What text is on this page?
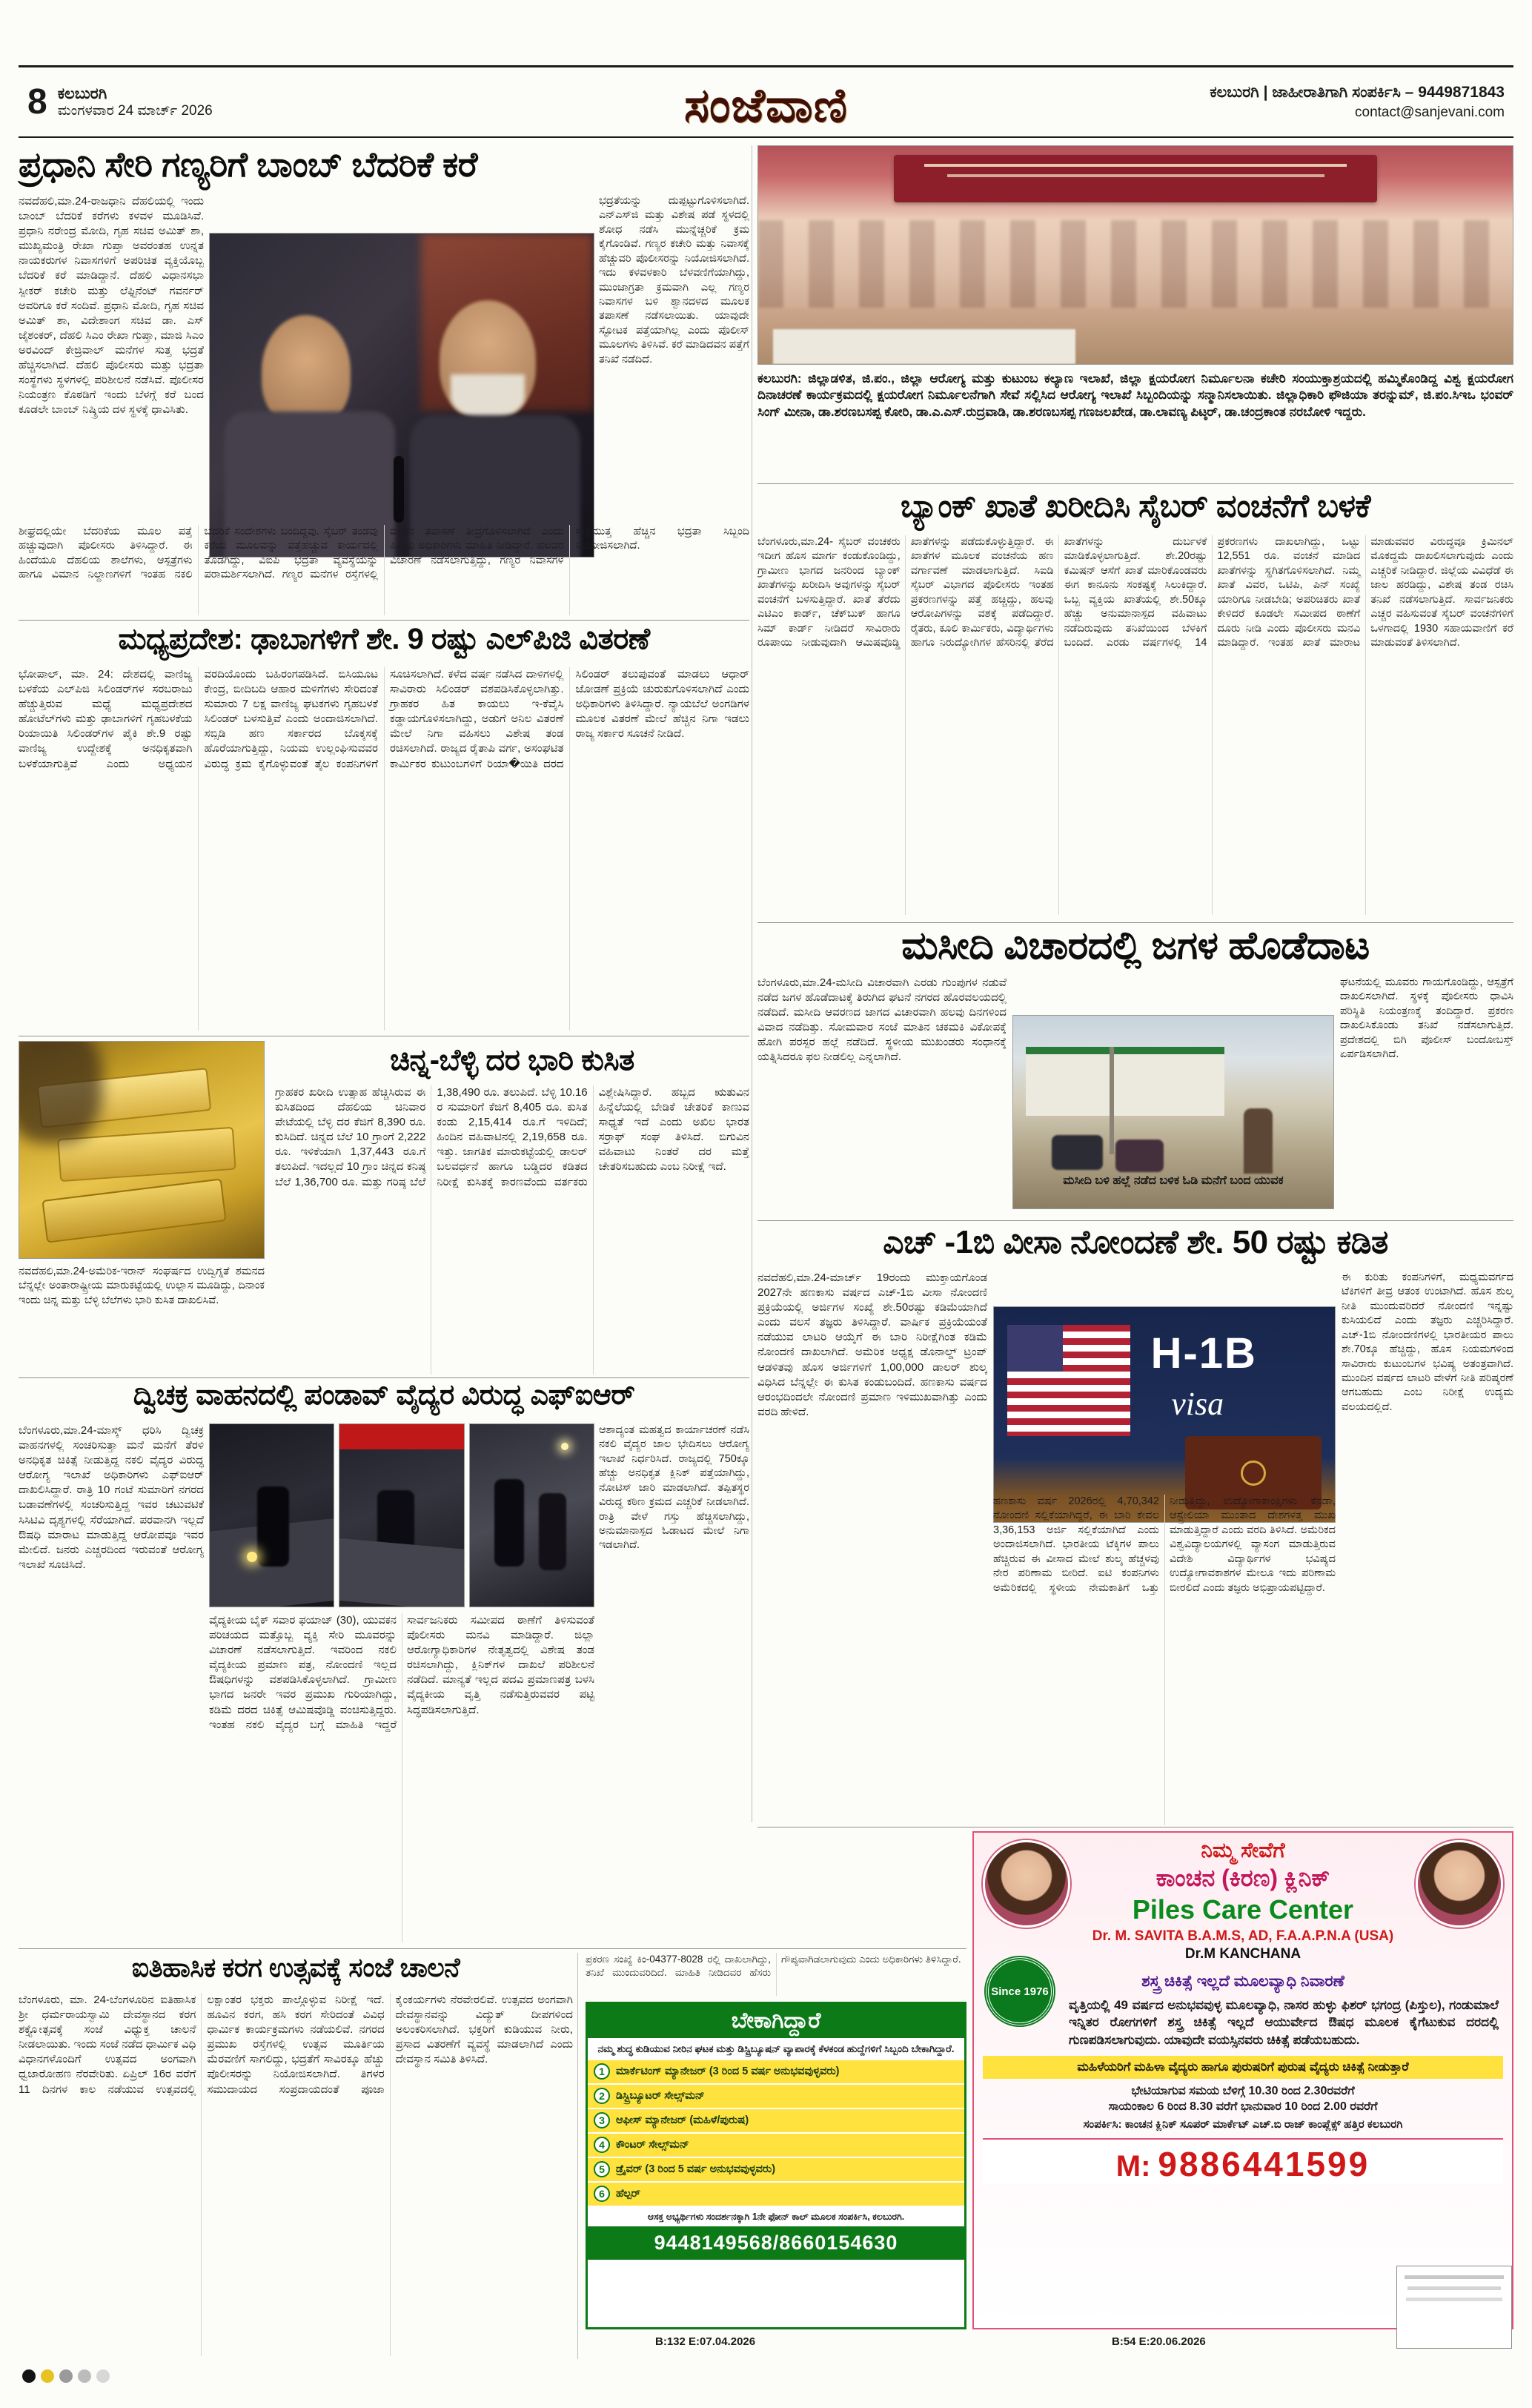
8 ಕಲಬುರಗಿ
ಮಂಗಳವಾರ 24 ಮಾರ್ಚ್ 2026	ಸಂಜೆವಾಣಿ	ಕಲಬುರಗಿ | ಜಾಹೀರಾತಿಗಾಗಿ ಸಂಪರ್ಕಿಸಿ – 9449871843
contact@sanjevani.com
ಪ್ರಧಾನಿ ಸೇರಿ ಗಣ್ಯರಿಗೆ ಬಾಂಬ್ ಬೆದರಿಕೆ ಕರೆ
ನವದೆಹಲಿ,ಮಾ.24-ರಾಜಧಾನಿ ದೆಹಲಿಯಲ್ಲಿ ಇಂದು ಬಾಂಬ್ ಬೆದರಿಕೆ ಕರೆಗಳು ಕಳವಳ ಮೂಡಿಸಿವೆ. ಪ್ರಧಾನಿ ನರೇಂದ್ರ ಮೋದಿ, ಗೃಹ ಸಚಿವ ಅಮಿತ್ ಶಾ, ಮುಖ್ಯಮಂತ್ರಿ ರೇಖಾ ಗುಪ್ತಾ ಅವರಂತಹ ಉನ್ನತ ನಾಯಕರುಗಳ ನಿವಾಸಗಳಿಗೆ ಅಪರಿಚಿತ ವ್ಯಕ್ತಿಯೊಬ್ಬ ಬೆದರಿಕೆ ಕರೆ ಮಾಡಿದ್ದಾನೆ. ದೆಹಲಿ ವಿಧಾನಸಭಾ ಸ್ಪೀಕರ್ ಕಚೇರಿ ಮತ್ತು ಲೆಫ್ಟಿನೆಂಟ್ ಗವರ್ನರ್ ಅವರಿಗೂ ಕರೆ ಸಂದಿವೆ. ಪ್ರಧಾನಿ ಮೋದಿ, ಗೃಹ ಸಚಿವ ಅಮಿತ್ ಶಾ, ವಿದೇಶಾಂಗ ಸಚಿವ ಡಾ. ಎಸ್ ಜೈಶಂಕರ್, ದೆಹಲಿ ಸಿಎಂ ರೇಖಾ ಗುಪ್ತಾ, ಮಾಜಿ ಸಿಎಂ ಅರವಿಂದ್ ಕೇಜ್ರಿವಾಲ್ ಮನೆಗಳ ಸುತ್ತ ಭದ್ರತೆ ಹೆಚ್ಚಿಸಲಾಗಿದೆ. ದೆಹಲಿ ಪೊಲೀಸರು ಮತ್ತು ಭದ್ರತಾ ಸಂಸ್ಥೆಗಳು ಸ್ಥಳಗಳಲ್ಲಿ ಪರಿಶೀಲನೆ ನಡೆಸಿವೆ. ಪೊಲೀಸರ ನಿಯಂತ್ರಣ ಕೊಠಡಿಗೆ ಇಂದು ಬೆಳಗ್ಗೆ ಕರೆ ಬಂದ ಕೂಡಲೇ ಬಾಂಬ್ ನಿಷ್ಕ್ರಿಯ ದಳ ಸ್ಥಳಕ್ಕೆ ಧಾವಿಸಿತು.
ಭದ್ರತೆಯನ್ನು ದುಪ್ಪಟ್ಟುಗೊಳಿಸಲಾಗಿದೆ. ಎನ್‌ಎಸ್‌ಜಿ ಮತ್ತು ವಿಶೇಷ ಪಡೆ ಸ್ಥಳದಲ್ಲಿ ಶೋಧ ನಡೆಸಿ ಮುನ್ನೆಚ್ಚರಿಕೆ ಕ್ರಮ ಕೈಗೊಂಡಿವೆ. ಗಣ್ಯರ ಕಚೇರಿ ಮತ್ತು ನಿವಾಸಕ್ಕೆ ಹೆಚ್ಚುವರಿ ಪೊಲೀಸರನ್ನು ನಿಯೋಜಿಸಲಾಗಿದೆ. ಇದು ಕಳವಳಕಾರಿ ಬೆಳವಣಿಗೆಯಾಗಿದ್ದು, ಮುಂಜಾಗ್ರತಾ ಕ್ರಮವಾಗಿ ಎಲ್ಲ ಗಣ್ಯರ ನಿವಾಸಗಳ ಬಳಿ ಶ್ವಾನದಳದ ಮೂಲಕ ತಪಾಸಣೆ ನಡೆಸಲಾಯಿತು. ಯಾವುದೇ ಸ್ಫೋಟಕ ಪತ್ತೆಯಾಗಿಲ್ಲ ಎಂದು ಪೊಲೀಸ್ ಮೂಲಗಳು ತಿಳಿಸಿವೆ. ಕರೆ ಮಾಡಿದವನ ಪತ್ತೆಗೆ ತನಿಖೆ ನಡೆದಿದೆ.
ಶೀಘ್ರದಲ್ಲಿಯೇ ಬೆದರಿಕೆಯ ಮೂಲ ಪತ್ತೆ ಹಚ್ಚುವುದಾಗಿ ಪೊಲೀಸರು ತಿಳಿಸಿದ್ದಾರೆ. ಈ ಹಿಂದೆಯೂ ದೆಹಲಿಯ ಶಾಲೆಗಳು, ಆಸ್ಪತ್ರೆಗಳು ಹಾಗೂ ವಿಮಾನ ನಿಲ್ದಾಣಗಳಿಗೆ ಇಂತಹ ನಕಲಿ ಬೆದರಿಕೆ ಸಂದೇಶಗಳು ಬಂದಿದ್ದವು. ಸೈಬರ್ ತಂಡವು ಕರೆಯ ಮೂಲವನ್ನು ಪತ್ತೆಹಚ್ಚುವ ಕಾರ್ಯದಲ್ಲಿ ತೊಡಗಿದ್ದು, ವಿಐಪಿ ಭದ್ರತಾ ವ್ಯವಸ್ಥೆಯನ್ನು ಪರಾಮರ್ಶಿಸಲಾಗಿದೆ. ಗಣ್ಯರ ಮನೆಗಳ ರಸ್ತೆಗಳಲ್ಲಿ ವಾಹನ ತಪಾಸಣೆ ತೀವ್ರಗೊಳಿಸಲಾಗಿದೆ ಎಂದು ಹಿರಿಯ ಅಧಿಕಾರಿಗಳು ಮಾಹಿತಿ ನೀಡಿದ್ದಾರೆ. ಹಲವರ ವಿಚಾರಣೆ ನಡೆಸಲಾಗುತ್ತಿದ್ದು, ಗಣ್ಯರ ನಿವಾಸಗಳ ಸುತ್ತಮುತ್ತ ಹೆಚ್ಚಿನ ಭದ್ರತಾ ಸಿಬ್ಬಂದಿ ನಿಯೋಜಿಸಲಾಗಿದೆ.
ಕಲಬುರಗಿ: ಜಿಲ್ಲಾಡಳಿತ, ಜಿ.ಪಂ., ಜಿಲ್ಲಾ ಆರೋಗ್ಯ ಮತ್ತು ಕುಟುಂಬ ಕಲ್ಯಾಣ ಇಲಾಖೆ, ಜಿಲ್ಲಾ ಕ್ಷಯರೋಗ ನಿರ್ಮೂಲನಾ ಕಚೇರಿ ಸಂಯುಕ್ತಾಶ್ರಯದಲ್ಲಿ ಹಮ್ಮಿಕೊಂಡಿದ್ದ ವಿಶ್ವ ಕ್ಷಯರೋಗ ದಿನಾಚರಣೆ ಕಾರ್ಯಕ್ರಮದಲ್ಲಿ ಕ್ಷಯರೋಗ ನಿರ್ಮೂಲನೆಗಾಗಿ ಸೇವೆ ಸಲ್ಲಿಸಿದ ಆರೋಗ್ಯ ಇಲಾಖೆ ಸಿಬ್ಬಂದಿಯನ್ನು ಸನ್ಮಾನಿಸಲಾಯಿತು. ಜಿಲ್ಲಾಧಿಕಾರಿ ಫೌಜಿಯಾ ತರನ್ನುಮ್, ಜಿ.ಪಂ.ಸಿಇಒ ಭಂವರ್ ಸಿಂಗ್ ಮೀನಾ, ಡಾ.ಶರಣಬಸಪ್ಪ ಕೋರಿ, ಡಾ.ಎ.ಎಸ್.ರುದ್ರವಾಡಿ, ಡಾ.ಶರಣಬಸಪ್ಪ ಗಣಜಲಖೇಡ, ಡಾ.ಲಾವಣ್ಯ ಪಿಟ್ಠರ್, ಡಾ.ಚಂದ್ರಕಾಂತ ನರಬೋಳಿ ಇದ್ದರು.
ಬ್ಯಾಂಕ್ ಖಾತೆ ಖರೀದಿಸಿ ಸೈಬರ್ ವಂಚನೆಗೆ ಬಳಕೆ
ಬೆಂಗಳೂರು,ಮಾ.24- ಸೈಬರ್ ವಂಚಕರು ಇದೀಗ ಹೊಸ ಮಾರ್ಗ ಕಂಡುಕೊಂಡಿದ್ದು, ಗ್ರಾಮೀಣ ಭಾಗದ ಜನರಿಂದ ಬ್ಯಾಂಕ್ ಖಾತೆಗಳನ್ನು ಖರೀದಿಸಿ ಅವುಗಳನ್ನು ಸೈಬರ್ ವಂಚನೆಗೆ ಬಳಸುತ್ತಿದ್ದಾರೆ. ಖಾತೆ ತೆರೆದು ಎಟಿಎಂ ಕಾರ್ಡ್, ಚೆಕ್‌ಬುಕ್ ಹಾಗೂ ಸಿಮ್ ಕಾರ್ಡ್ ನೀಡಿದರೆ ಸಾವಿರಾರು ರೂಪಾಯಿ ನೀಡುವುದಾಗಿ ಆಮಿಷವೊಡ್ಡಿ ಖಾತೆಗಳನ್ನು ಪಡೆದುಕೊಳ್ಳುತ್ತಿದ್ದಾರೆ. ಈ ಖಾತೆಗಳ ಮೂಲಕ ವಂಚನೆಯ ಹಣ ವರ್ಗಾವಣೆ ಮಾಡಲಾಗುತ್ತಿದೆ. ಸಿಐಡಿ ಸೈಬರ್ ವಿಭಾಗದ ಪೊಲೀಸರು ಇಂತಹ ಪ್ರಕರಣಗಳನ್ನು ಪತ್ತೆ ಹಚ್ಚಿದ್ದು, ಹಲವು ಆರೋಪಿಗಳನ್ನು ವಶಕ್ಕೆ ಪಡೆದಿದ್ದಾರೆ. ರೈತರು, ಕೂಲಿ ಕಾರ್ಮಿಕರು, ವಿದ್ಯಾರ್ಥಿಗಳು ಹಾಗೂ ನಿರುದ್ಯೋಗಿಗಳ ಹೆಸರಿನಲ್ಲಿ ತೆರೆದ ಖಾತೆಗಳನ್ನು ದುರ್ಬಳಕೆ ಮಾಡಿಕೊಳ್ಳಲಾಗುತ್ತಿದೆ. ಶೇ.20ರಷ್ಟು ಕಮಿಷನ್ ಆಸೆಗೆ ಖಾತೆ ಮಾರಿಕೊಂಡವರು ಈಗ ಕಾನೂನು ಸಂಕಷ್ಟಕ್ಕೆ ಸಿಲುಕಿದ್ದಾರೆ. ಒಬ್ಬ ವ್ಯಕ್ತಿಯ ಖಾತೆಯಲ್ಲಿ ಶೇ.50ಕ್ಕೂ ಹೆಚ್ಚು ಅನುಮಾನಾಸ್ಪದ ವಹಿವಾಟು ನಡೆದಿರುವುದು ತನಿಖೆಯಿಂದ ಬೆಳಕಿಗೆ ಬಂದಿದೆ. ಎರಡು ವರ್ಷಗಳಲ್ಲಿ 14 ಪ್ರಕರಣಗಳು ದಾಖಲಾಗಿದ್ದು, ಒಟ್ಟು 12,551 ರೂ. ವಂಚನೆ ಮಾಡಿದ ಖಾತೆಗಳನ್ನು ಸ್ಥಗಿತಗೊಳಿಸಲಾಗಿದೆ. ನಿಮ್ಮ ಖಾತೆ ವಿವರ, ಒಟಿಪಿ, ಪಿನ್ ಸಂಖ್ಯೆ ಯಾರಿಗೂ ನೀಡಬೇಡಿ; ಅಪರಿಚಿತರು ಖಾತೆ ಕೇಳಿದರೆ ಕೂಡಲೇ ಸಮೀಪದ ಠಾಣೆಗೆ ದೂರು ನೀಡಿ ಎಂದು ಪೊಲೀಸರು ಮನವಿ ಮಾಡಿದ್ದಾರೆ. ಇಂತಹ ಖಾತೆ ಮಾರಾಟ ಮಾಡುವವರ ವಿರುದ್ಧವೂ ಕ್ರಿಮಿನಲ್ ಮೊಕದ್ದಮೆ ದಾಖಲಿಸಲಾಗುವುದು ಎಂದು ಎಚ್ಚರಿಕೆ ನೀಡಿದ್ದಾರೆ. ಜಿಲ್ಲೆಯ ವಿವಿಧೆಡೆ ಈ ಜಾಲ ಹರಡಿದ್ದು, ವಿಶೇಷ ತಂಡ ರಚಿಸಿ ತನಿಖೆ ನಡೆಸಲಾಗುತ್ತಿದೆ. ಸಾರ್ವಜನಿಕರು ಎಚ್ಚರ ವಹಿಸುವಂತೆ ಸೈಬರ್ ವಂಚನೆಗಳಿಗೆ ಒಳಗಾದಲ್ಲಿ 1930 ಸಹಾಯವಾಣಿಗೆ ಕರೆ ಮಾಡುವಂತೆ ತಿಳಿಸಲಾಗಿದೆ.
ಮಧ್ಯಪ್ರದೇಶ: ಢಾಬಾಗಳಿಗೆ ಶೇ. 9 ರಷ್ಟು ಎಲ್‌ಪಿಜಿ ವಿತರಣೆ
ಭೋಪಾಲ್, ಮಾ. 24: ದೇಶದಲ್ಲಿ ವಾಣಿಜ್ಯ ಬಳಕೆಯ ಎಲ್‌ಪಿಜಿ ಸಿಲಿಂಡರ್‌ಗಳ ಸರಬರಾಜು ಹೆಚ್ಚುತ್ತಿರುವ ಮಧ್ಯೆ ಮಧ್ಯಪ್ರದೇಶದ ಹೋಟೆಲ್‌ಗಳು ಮತ್ತು ಢಾಬಾಗಳಿಗೆ ಗೃಹಬಳಕೆಯ ರಿಯಾಯಿತಿ ಸಿಲಿಂಡರ್‌ಗಳ ಪೈಕಿ ಶೇ.9 ರಷ್ಟು ವಾಣಿಜ್ಯ ಉದ್ದೇಶಕ್ಕೆ ಅನಧಿಕೃತವಾಗಿ ಬಳಕೆಯಾಗುತ್ತಿವೆ ಎಂದು ಅಧ್ಯಯನ ವರದಿಯೊಂದು ಬಹಿರಂಗಪಡಿಸಿದೆ. ಬಿಸಿಯೂಟ ಕೇಂದ್ರ, ಬೀದಿಬದಿ ಆಹಾರ ಮಳಿಗೆಗಳು ಸೇರಿದಂತೆ ಸುಮಾರು 7 ಲಕ್ಷ ವಾಣಿಜ್ಯ ಘಟಕಗಳು ಗೃಹಬಳಕೆ ಸಿಲಿಂಡರ್ ಬಳಸುತ್ತಿವೆ ಎಂದು ಅಂದಾಜಿಸಲಾಗಿದೆ. ಸಬ್ಸಿಡಿ ಹಣ ಸರ್ಕಾರದ ಬೊಕ್ಕಸಕ್ಕೆ ಹೊರೆಯಾಗುತ್ತಿದ್ದು, ನಿಯಮ ಉಲ್ಲಂಘಿಸುವವರ ವಿರುದ್ಧ ಕ್ರಮ ಕೈಗೊಳ್ಳುವಂತೆ ತೈಲ ಕಂಪನಿಗಳಿಗೆ ಸೂಚಿಸಲಾಗಿದೆ. ಕಳೆದ ವರ್ಷ ನಡೆಸಿದ ದಾಳಿಗಳಲ್ಲಿ ಸಾವಿರಾರು ಸಿಲಿಂಡರ್ ವಶಪಡಿಸಿಕೊಳ್ಳಲಾಗಿತ್ತು. ಗ್ರಾಹಕರ ಹಿತ ಕಾಯಲು ಇ-ಕೆವೈಸಿ ಕಡ್ಡಾಯಗೊಳಿಸಲಾಗಿದ್ದು, ಅಡುಗೆ ಅನಿಲ ವಿತರಣೆ ಮೇಲೆ ನಿಗಾ ವಹಿಸಲು ವಿಶೇಷ ತಂಡ ರಚಿಸಲಾಗಿದೆ. ರಾಜ್ಯದ ರೈತಾಪಿ ವರ್ಗ, ಅಸಂಘಟಿತ ಕಾರ್ಮಿಕರ ಕುಟುಂಬಗಳಿಗೆ ರಿಯಾ�ಯಿತಿ ದರದ ಸಿಲಿಂಡರ್ ತಲುಪುವಂತೆ ಮಾಡಲು ಆಧಾರ್ ಜೋಡಣೆ ಪ್ರಕ್ರಿಯೆ ಚುರುಕುಗೊಳಿಸಲಾಗಿದೆ ಎಂದು ಅಧಿಕಾರಿಗಳು ತಿಳಿಸಿದ್ದಾರೆ. ನ್ಯಾಯಬೆಲೆ ಅಂಗಡಿಗಳ ಮೂಲಕ ವಿತರಣೆ ಮೇಲೆ ಹೆಚ್ಚಿನ ನಿಗಾ ಇಡಲು ರಾಜ್ಯ ಸರ್ಕಾರ ಸೂಚನೆ ನೀಡಿದೆ.
ನವದೆಹಲಿ,ಮಾ.24-ಅಮೆರಿಕ-ಇರಾನ್ ಸಂಘರ್ಷದ ಉದ್ವಿಗ್ನತೆ ಶಮನದ ಬೆನ್ನಲ್ಲೇ ಅಂತಾರಾಷ್ಟ್ರೀಯ ಮಾರುಕಟ್ಟೆಯಲ್ಲಿ ಉಲ್ಲಾಸ ಮೂಡಿದ್ದು, ದಿನಾಂಕ ಇಂದು ಚಿನ್ನ ಮತ್ತು ಬೆಳ್ಳಿ ಬೆಲೆಗಳು ಭಾರಿ ಕುಸಿತ ದಾಖಲಿಸಿವೆ.
ಚಿನ್ನ-ಬೆಳ್ಳಿ ದರ ಭಾರಿ ಕುಸಿತ
ಗ್ರಾಹಕರ ಖರೀದಿ ಉತ್ಸಾಹ ಹೆಚ್ಚಿಸಿರುವ ಈ ಕುಸಿತದಿಂದ ದೆಹಲಿಯ ಚಿನಿವಾರ ಪೇಟೆಯಲ್ಲಿ ಬೆಳ್ಳಿ ದರ ಕೆಜಿಗೆ 8,390 ರೂ. ಕುಸಿದಿದೆ. ಚಿನ್ನದ ಬೆಲೆ 10 ಗ್ರಾಂಗೆ 2,222 ರೂ. ಇಳಿಕೆಯಾಗಿ 1,37,443 ರೂ.ಗೆ ತಲುಪಿದೆ. ಇದಲ್ಲದೆ 10 ಗ್ರಾಂ ಚಿನ್ನದ ಕನಿಷ್ಠ ಬೆಲೆ 1,36,700 ರೂ. ಮತ್ತು ಗರಿಷ್ಠ ಬೆಲೆ 1,38,490 ರೂ. ತಲುಪಿದೆ. ಬೆಳ್ಳಿ 10.16 ರ ಸುಮಾರಿಗೆ ಕೆಜಿಗೆ 8,405 ರೂ. ಕುಸಿತ ಕಂಡು 2,15,414 ರೂ.ಗೆ ಇಳಿದಿದೆ; ಹಿಂದಿನ ವಹಿವಾಟಿನಲ್ಲಿ 2,19,658 ರೂ. ಇತ್ತು. ಜಾಗತಿಕ ಮಾರುಕಟ್ಟೆಯಲ್ಲಿ ಡಾಲರ್ ಬಲವರ್ಧನೆ ಹಾಗೂ ಬಡ್ಡಿದರ ಕಡಿತದ ನಿರೀಕ್ಷೆ ಕುಸಿತಕ್ಕೆ ಕಾರಣವೆಂದು ವರ್ತಕರು ವಿಶ್ಲೇಷಿಸಿದ್ದಾರೆ. ಹಬ್ಬದ ಋತುವಿನ ಹಿನ್ನೆಲೆಯಲ್ಲಿ ಬೇಡಿಕೆ ಚೇತರಿಕೆ ಕಾಣುವ ಸಾಧ್ಯತೆ ಇದೆ ಎಂದು ಅಖಿಲ ಭಾರತ ಸರ್ರಾಫ್ ಸಂಘ ತಿಳಿಸಿದೆ. ಬಿಗುವಿನ ವಹಿವಾಟು ನಿಂತರೆ ದರ ಮತ್ತೆ ಚೇತರಿಸಬಹುದು ಎಂಬ ನಿರೀಕ್ಷೆ ಇದೆ.
ಮಸೀದಿ ವಿಚಾರದಲ್ಲಿ ಜಗಳ ಹೊಡೆದಾಟ
ಬೆಂಗಳೂರು,ಮಾ.24-ಮಸೀದಿ ವಿಚಾರವಾಗಿ ಎರಡು ಗುಂಪುಗಳ ನಡುವೆ ನಡೆದ ಜಗಳ ಹೊಡೆದಾಟಕ್ಕೆ ತಿರುಗಿದ ಘಟನೆ ನಗರದ ಹೊರವಲಯದಲ್ಲಿ ನಡೆದಿದೆ. ಮಸೀದಿ ಆವರಣದ ಜಾಗದ ವಿಚಾರವಾಗಿ ಹಲವು ದಿನಗಳಿಂದ ವಿವಾದ ನಡೆದಿತ್ತು. ಸೋಮವಾರ ಸಂಜೆ ಮಾತಿನ ಚಕಮಕಿ ವಿಕೋಪಕ್ಕೆ ಹೋಗಿ ಪರಸ್ಪರ ಹಲ್ಲೆ ನಡೆದಿದೆ. ಸ್ಥಳೀಯ ಮುಖಂಡರು ಸಂಧಾನಕ್ಕೆ ಯತ್ನಿಸಿದರೂ ಫಲ ನೀಡಲಿಲ್ಲ ಎನ್ನಲಾಗಿದೆ.
ಮಸೀದಿ ಬಳಿ ಹಲ್ಲೆ ನಡೆದ ಬಳಿಕ ಓಡಿ ಮನೆಗೆ ಬಂದ ಯುವಕ
ಘಟನೆಯಲ್ಲಿ ಮೂವರು ಗಾಯಗೊಂಡಿದ್ದು, ಆಸ್ಪತ್ರೆಗೆ ದಾಖಲಿಸಲಾಗಿದೆ. ಸ್ಥಳಕ್ಕೆ ಪೊಲೀಸರು ಧಾವಿಸಿ ಪರಿಸ್ಥಿತಿ ನಿಯಂತ್ರಣಕ್ಕೆ ತಂದಿದ್ದಾರೆ. ಪ್ರಕರಣ ದಾಖಲಿಸಿಕೊಂಡು ತನಿಖೆ ನಡೆಸಲಾಗುತ್ತಿದೆ. ಪ್ರದೇಶದಲ್ಲಿ ಬಿಗಿ ಪೊಲೀಸ್ ಬಂದೋಬಸ್ತ್ ಏರ್ಪಡಿಸಲಾಗಿದೆ.
ಎಚ್ -1ಬಿ ವೀಸಾ ನೋಂದಣೆ ಶೇ. 50 ರಷ್ಟು ಕಡಿತ
ನವದೆಹಲಿ,ಮಾ.24-ಮಾರ್ಚ್ 19ರಂದು ಮುಕ್ತಾಯಗೊಂಡ 2027ನೇ ಹಣಕಾಸು ವರ್ಷದ ಎಚ್-1ಬಿ ವೀಸಾ ನೋಂದಣಿ ಪ್ರಕ್ರಿಯೆಯಲ್ಲಿ ಅರ್ಜಿಗಳ ಸಂಖ್ಯೆ ಶೇ.50ರಷ್ಟು ಕಡಿಮೆಯಾಗಿದೆ ಎಂದು ವಲಸೆ ತಜ್ಞರು ತಿಳಿಸಿದ್ದಾರೆ. ವಾರ್ಷಿಕ ಪ್ರಕ್ರಿಯೆಯಂತೆ ನಡೆಯುವ ಲಾಟರಿ ಆಯ್ಕೆಗೆ ಈ ಬಾರಿ ನಿರೀಕ್ಷೆಗಿಂತ ಕಡಿಮೆ ನೋಂದಣಿ ದಾಖಲಾಗಿದೆ. ಅಮೆರಿಕ ಅಧ್ಯಕ್ಷ ಡೊನಾಲ್ಡ್ ಟ್ರಂಪ್ ಆಡಳಿತವು ಹೊಸ ಅರ್ಜಿಗಳಿಗೆ 1,00,000 ಡಾಲರ್ ಶುಲ್ಕ ವಿಧಿಸಿದ ಬೆನ್ನಲ್ಲೇ ಈ ಕುಸಿತ ಕಂಡುಬಂದಿದೆ. ಹಣಕಾಸು ವರ್ಷದ ಆರಂಭದಿಂದಲೇ ನೋಂದಣಿ ಪ್ರಮಾಣ ಇಳಿಮುಖವಾಗಿತ್ತು ಎಂದು ವರದಿ ಹೇಳಿದೆ.
H-1B
visa
ಹಣಕಾಸು ವರ್ಷ 2026ರಲ್ಲಿ 4,70,342 ನೋಂದಣಿ ಸಲ್ಲಿಕೆಯಾಗಿದ್ದರೆ, ಈ ಬಾರಿ ಕೇವಲ 3,36,153 ಅರ್ಜಿ ಸಲ್ಲಿಕೆಯಾಗಿದೆ ಎಂದು ಅಂದಾಜಿಸಲಾಗಿದೆ. ಭಾರತೀಯ ಟೆಕ್ಕಿಗಳ ಪಾಲು ಹೆಚ್ಚಿರುವ ಈ ವೀಸಾದ ಮೇಲೆ ಶುಲ್ಕ ಹೆಚ್ಚಳವು ನೇರ ಪರಿಣಾಮ ಬೀರಿದೆ. ಐಟಿ ಕಂಪನಿಗಳು ಅಮೆರಿಕದಲ್ಲಿ ಸ್ಥಳೀಯ ನೇಮಕಾತಿಗೆ ಒತ್ತು ನೀಡುತ್ತಿದ್ದು, ಉದ್ಯೋಗಾಕಾಂಕ್ಷಿಗಳು ಕೆನಡಾ, ಆಸ್ಟ್ರೇಲಿಯಾ ಮುಂತಾದ ದೇಶಗಳತ್ತ ಮುಖ ಮಾಡುತ್ತಿದ್ದಾರೆ ಎಂದು ವರದಿ ತಿಳಿಸಿದೆ. ಅಮೆರಿಕದ ವಿಶ್ವವಿದ್ಯಾಲಯಗಳಲ್ಲಿ ವ್ಯಾಸಂಗ ಮಾಡುತ್ತಿರುವ ವಿದೇಶಿ ವಿದ್ಯಾರ್ಥಿಗಳ ಭವಿಷ್ಯದ ಉದ್ಯೋಗಾವಕಾಶಗಳ ಮೇಲೂ ಇದು ಪರಿಣಾಮ ಬೀರಲಿದೆ ಎಂದು ತಜ್ಞರು ಅಭಿಪ್ರಾಯಪಟ್ಟಿದ್ದಾರೆ.
ಈ ಕುರಿತು ಕಂಪನಿಗಳಿಗೆ, ಮಧ್ಯಮವರ್ಗದ ಟೆಕಿಗಳಿಗೆ ತೀವ್ರ ಆತಂಕ ಉಂಟಾಗಿದೆ. ಹೊಸ ಶುಲ್ಕ ನೀತಿ ಮುಂದುವರಿದರೆ ನೋಂದಣಿ ಇನ್ನಷ್ಟು ಕುಸಿಯಲಿದೆ ಎಂದು ತಜ್ಞರು ಎಚ್ಚರಿಸಿದ್ದಾರೆ. ಎಚ್-1ಬಿ ನೋಂದಣಿಗಳಲ್ಲಿ ಭಾರತೀಯರ ಪಾಲು ಶೇ.70ಕ್ಕೂ ಹೆಚ್ಚಿದ್ದು, ಹೊಸ ನಿಯಮಗಳಿಂದ ಸಾವಿರಾರು ಕುಟುಂಬಗಳ ಭವಿಷ್ಯ ಅತಂತ್ರವಾಗಿದೆ. ಮುಂದಿನ ವರ್ಷದ ಲಾಟರಿ ವೇಳೆಗೆ ನೀತಿ ಪರಿಷ್ಕರಣೆ ಆಗಬಹುದು ಎಂಬ ನಿರೀಕ್ಷೆ ಉದ್ಯಮ ವಲಯದಲ್ಲಿದೆ.
ದ್ವಿಚಕ್ರ ವಾಹನದಲ್ಲಿ ಪಂಡಾವ್ ವೈದ್ಯರ ವಿರುದ್ಧ ಎಫ್‌ಐಆರ್
ಬೆಂಗಳೂರು,ಮಾ.24-ಮಾಸ್ಕ್ ಧರಿಸಿ ದ್ವಿಚಕ್ರ ವಾಹನಗಳಲ್ಲಿ ಸಂಚರಿಸುತ್ತಾ ಮನೆ ಮನೆಗೆ ತೆರಳಿ ಅನಧಿಕೃತ ಚಿಕಿತ್ಸೆ ನೀಡುತ್ತಿದ್ದ ನಕಲಿ ವೈದ್ಯರ ವಿರುದ್ಧ ಆರೋಗ್ಯ ಇಲಾಖೆ ಅಧಿಕಾರಿಗಳು ಎಫ್‌ಐಆರ್ ದಾಖಲಿಸಿದ್ದಾರೆ. ರಾತ್ರಿ 10 ಗಂಟೆ ಸುಮಾರಿಗೆ ನಗರದ ಬಡಾವಣೆಗಳಲ್ಲಿ ಸಂಚರಿಸುತ್ತಿದ್ದ ಇವರ ಚಟುವಟಿಕೆ ಸಿಸಿಟಿವಿ ದೃಶ್ಯಗಳಲ್ಲಿ ಸೆರೆಯಾಗಿದೆ. ಪರವಾನಗಿ ಇಲ್ಲದೆ ಔಷಧಿ ಮಾರಾಟ ಮಾಡುತ್ತಿದ್ದ ಆರೋಪವೂ ಇವರ ಮೇಲಿದೆ. ಜನರು ಎಚ್ಚರದಿಂದ ಇರುವಂತೆ ಆರೋಗ್ಯ ಇಲಾಖೆ ಸೂಚಿಸಿದೆ.
ವೈದ್ಯಕೀಯ ಬೈಕ್ ಸವಾರ ಫಯಾಜ್ (30), ಯುವಕನ ಪರಿಚಯದ ಮತ್ತೊಬ್ಬ ವ್ಯಕ್ತಿ ಸೇರಿ ಮೂವರನ್ನು ವಿಚಾರಣೆ ನಡೆಸಲಾಗುತ್ತಿದೆ. ಇವರಿಂದ ನಕಲಿ ವೈದ್ಯಕೀಯ ಪ್ರಮಾಣ ಪತ್ರ, ನೋಂದಣಿ ಇಲ್ಲದ ಔಷಧಿಗಳನ್ನು ವಶಪಡಿಸಿಕೊಳ್ಳಲಾಗಿದೆ. ಗ್ರಾಮೀಣ ಭಾಗದ ಜನರೇ ಇವರ ಪ್ರಮುಖ ಗುರಿಯಾಗಿದ್ದು, ಕಡಿಮೆ ದರದ ಚಿಕಿತ್ಸೆ ಆಮಿಷವೊಡ್ಡಿ ವಂಚಿಸುತ್ತಿದ್ದರು. ಇಂತಹ ನಕಲಿ ವೈದ್ಯರ ಬಗ್ಗೆ ಮಾಹಿತಿ ಇದ್ದರೆ ಸಾರ್ವಜನಿಕರು ಸಮೀಪದ ಠಾಣೆಗೆ ತಿಳಿಸುವಂತೆ ಪೊಲೀಸರು ಮನವಿ ಮಾಡಿದ್ದಾರೆ. ಜಿಲ್ಲಾ ಆರೋಗ್ಯಾಧಿಕಾರಿಗಳ ನೇತೃತ್ವದಲ್ಲಿ ವಿಶೇಷ ತಂಡ ರಚಿಸಲಾಗಿದ್ದು, ಕ್ಲಿನಿಕ್‌ಗಳ ದಾಖಲೆ ಪರಿಶೀಲನೆ ನಡೆದಿದೆ. ಮಾನ್ಯತೆ ಇಲ್ಲದ ಪದವಿ ಪ್ರಮಾಣಪತ್ರ ಬಳಸಿ ವೈದ್ಯಕೀಯ ವೃತ್ತಿ ನಡೆಸುತ್ತಿರುವವರ ಪಟ್ಟಿ ಸಿದ್ಧಪಡಿಸಲಾಗುತ್ತಿದೆ.
ಆಶಾದ್ಯಂತ ಮಹತ್ವದ ಕಾರ್ಯಾಚರಣೆ ನಡೆಸಿ ನಕಲಿ ವೈದ್ಯರ ಜಾಲ ಭೇದಿಸಲು ಆರೋಗ್ಯ ಇಲಾಖೆ ನಿರ್ಧರಿಸಿದೆ. ರಾಜ್ಯದಲ್ಲಿ 750ಕ್ಕೂ ಹೆಚ್ಚು ಅನಧಿಕೃತ ಕ್ಲಿನಿಕ್ ಪತ್ತೆಯಾಗಿದ್ದು, ನೋಟಿಸ್ ಜಾರಿ ಮಾಡಲಾಗಿದೆ. ತಪ್ಪಿತಸ್ಥರ ವಿರುದ್ಧ ಕಠಿಣ ಕ್ರಮದ ಎಚ್ಚರಿಕೆ ನೀಡಲಾಗಿದೆ. ರಾತ್ರಿ ವೇಳೆ ಗಸ್ತು ಹೆಚ್ಚಿಸಲಾಗಿದ್ದು, ಅನುಮಾನಾಸ್ಪದ ಓಡಾಟದ ಮೇಲೆ ನಿಗಾ ಇಡಲಾಗಿದೆ.
ಐತಿಹಾಸಿಕ ಕರಗ ಉತ್ಸವಕ್ಕೆ ಸಂಜೆ ಚಾಲನೆ
ಬೆಂಗಳೂರು, ಮಾ. 24-ಬೆಂಗಳೂರಿನ ಐತಿಹಾಸಿಕ ಶ್ರೀ ಧರ್ಮರಾಯಸ್ವಾಮಿ ದೇವಸ್ಥಾನದ ಕರಗ ಶಕ್ತ್ಯೋತ್ಸವಕ್ಕೆ ಸಂಜೆ ವಿಧ್ಯುಕ್ತ ಚಾಲನೆ ನೀಡಲಾಯಿತು. ಇಂದು ಸಂಜೆ ನಡೆದ ಧಾರ್ಮಿಕ ವಿಧಿ ವಿಧಾನಗಳೊಂದಿಗೆ ಉತ್ಸವದ ಅಂಗವಾಗಿ ಧ್ವಜಾರೋಹಣ ನೆರವೇರಿತು. ಏಪ್ರಿಲ್ 16ರ ವರೆಗೆ 11 ದಿನಗಳ ಕಾಲ ನಡೆಯುವ ಉತ್ಸವದಲ್ಲಿ ಲಕ್ಷಾಂತರ ಭಕ್ತರು ಪಾಲ್ಗೊಳ್ಳುವ ನಿರೀಕ್ಷೆ ಇದೆ. ಹೂವಿನ ಕರಗ, ಹಸಿ ಕರಗ ಸೇರಿದಂತೆ ವಿವಿಧ ಧಾರ್ಮಿಕ ಕಾರ್ಯಕ್ರಮಗಳು ನಡೆಯಲಿವೆ. ನಗರದ ಪ್ರಮುಖ ರಸ್ತೆಗಳಲ್ಲಿ ಉತ್ಸವ ಮೂರ್ತಿಯ ಮೆರವಣಿಗೆ ಸಾಗಲಿದ್ದು, ಭದ್ರತೆಗೆ ಸಾವಿರಕ್ಕೂ ಹೆಚ್ಚು ಪೊಲೀಸರನ್ನು ನಿಯೋಜಿಸಲಾಗಿದೆ. ತಿಗಳರ ಸಮುದಾಯದ ಸಂಪ್ರದಾಯದಂತೆ ಪೂಜಾ ಕೈಂಕರ್ಯಗಳು ನೆರವೇರಲಿವೆ. ಉತ್ಸವದ ಅಂಗವಾಗಿ ದೇವಸ್ಥಾನವನ್ನು ವಿದ್ಯುತ್ ದೀಪಗಳಿಂದ ಅಲಂಕರಿಸಲಾಗಿದೆ. ಭಕ್ತರಿಗೆ ಕುಡಿಯುವ ನೀರು, ಪ್ರಸಾದ ವಿತರಣೆಗೆ ವ್ಯವಸ್ಥೆ ಮಾಡಲಾಗಿದೆ ಎಂದು ದೇವಸ್ಥಾನ ಸಮಿತಿ ತಿಳಿಸಿದೆ.
ಪ್ರಕರಣ ಸಂಖ್ಯೆ ಕಿಂ-04377-8028 ರಲ್ಲಿ ದಾಖಲಾಗಿದ್ದು, ತನಿಖೆ ಮುಂದುವರಿದಿದೆ. ಮಾಹಿತಿ ನೀಡಿದವರ ಹೆಸರು ಗೌಪ್ಯವಾಗಿಡಲಾಗುವುದು ಎಂದು ಅಧಿಕಾರಿಗಳು ತಿಳಿಸಿದ್ದಾರೆ.
ಬೇಕಾಗಿದ್ದಾರೆ
ನಮ್ಮ ಶುದ್ಧ ಕುಡಿಯುವ ನೀರಿನ ಘಟಕ ಮತ್ತು ಡಿಸ್ಟ್ರಿಬ್ಯೂಷನ್ ವ್ಯಾಪಾರಕ್ಕೆ ಕೆಳಕಂಡ ಹುದ್ದೆಗಳಿಗೆ ಸಿಬ್ಬಂದಿ ಬೇಕಾಗಿದ್ದಾರೆ.
1	ಮಾರ್ಕೆಟಿಂಗ್ ಮ್ಯಾನೇಜರ್ (3 ರಿಂದ 5 ವರ್ಷ ಅನುಭವವುಳ್ಳವರು)
2	ಡಿಸ್ಟ್ರಿಬ್ಯೂಟರ್ ಸೇಲ್ಸ್‌ಮನ್
3	ಆಫೀಸ್ ಮ್ಯಾನೇಜರ್ (ಮಹಿಳೆ/ಪುರುಷ)
4	ಕೌಂಟರ್ ಸೇಲ್ಸ್‌ಮನ್
5	ಡ್ರೈವರ್ (3 ರಿಂದ 5 ವರ್ಷ ಅನುಭವವುಳ್ಳವರು)
6	ಹೆಲ್ಪರ್
ಆಸಕ್ತ ಅಭ್ಯರ್ಥಿಗಳು ಸಂದರ್ಶನಕ್ಕಾಗಿ 1ನೇ ಫೋನ್ ಕಾಲ್ ಮೂಲಕ ಸಂಪರ್ಕಿಸಿ, ಕಲಬುರಗಿ.
9448149568/8660154630
B:132 E:07.04.2026
ನಿಮ್ಮ ಸೇವೆಗೆ
ಕಾಂಚನ (ಕಿರಣ) ಕ್ಲಿನಿಕ್
Piles Care Center
Dr. M. SAVITA B.A.M.S, AD, F.A.A.P.N.A (USA)
Dr.M KANCHANA
Since 1976
ಶಸ್ತ್ರ ಚಿಕಿತ್ಸೆ ಇಲ್ಲದೆ ಮೂಲವ್ಯಾಧಿ ನಿವಾರಣೆ
ವೃತ್ತಿಯಲ್ಲಿ 49 ವರ್ಷದ ಅನುಭವವುಳ್ಳ ಮೂಲವ್ಯಾಧಿ, ನಾಸರ ಹುಳ್ಳು ಫಿಶರ್ ಭಗಂದ್ರ (ಪಿಸ್ತುಲ), ಗಂಡುಮಾಲೆ ಇನ್ನಿತರ ರೋಗಗಳಿಗೆ ಶಸ್ತ್ರ ಚಿಕಿತ್ಸೆ ಇಲ್ಲದೆ ಆಯುರ್ವೇದ ಔಷಧ ಮೂಲಕ ಕೈಗೆಟುಕುವ ದರದಲ್ಲಿ ಗುಣಪಡಿಸಲಾಗುವುದು. ಯಾವುದೇ ವಯಸ್ಸಿನವರು ಚಿಕಿತ್ಸೆ ಪಡೆಯಬಹುದು.
ಮಹಿಳೆಯರಿಗೆ ಮಹಿಳಾ ವೈದ್ಯರು ಹಾಗೂ ಪುರುಷರಿಗೆ ಪುರುಷ ವೈದ್ಯರು ಚಿಕಿತ್ಸೆ ನೀಡುತ್ತಾರೆ
ಭೇಟಿಯಾಗುವ ಸಮಯ ಬೆಳಿಗ್ಗೆ 10.30 ರಿಂದ 2.30ರವರೆಗೆ
ಸಾಯಂಕಾಲ 6 ರಿಂದ 8.30 ವರೆಗೆ ಭಾನುವಾರ 10 ರಿಂದ 2.00 ರವರೆಗೆ
ಸಂಪರ್ಕಿಸಿ: ಕಾಂಚನ ಕ್ಲಿನಿಕ್ ಸೂಪರ್ ಮಾರ್ಕೆಟ್ ಎಚ್.ಬಿ ರಾಜ್ ಕಾಂಪ್ಲೆಕ್ಸ್ ಹತ್ತಿರ ಕಲಬುರಗಿ
M: 9886441599
B:54 E:20.06.2026
